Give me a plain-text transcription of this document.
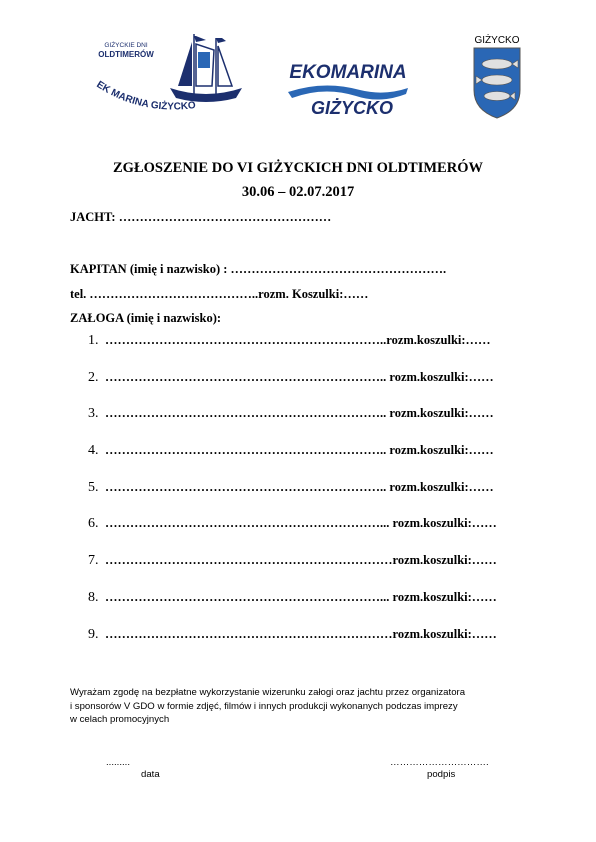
GIŻYCKIE DNI
OLDTIMERÓW
EK MARINA GIŻYCKO
EKOMARINA
GIŻYCKO
GIŻYCKO
ZGŁOSZENIE DO VI GIŻYCKICH DNI OLDTIMERÓW
30.06 – 02.07.2017
JACHT: ……………………………………………
KAPITAN (imię i nazwisko) : …………………………………………….
tel. …………………………………..rozm. Koszulki:……
ZAŁOGA (imię i nazwisko):
1. …………………………………………………………..rozm.koszulki:……
2. ………………………………………………………….. rozm.koszulki:……
3. ………………………………………………………….. rozm.koszulki:……
4. ………………………………………………………….. rozm.koszulki:……
5. ………………………………………………………….. rozm.koszulki:……
6. …………………………………………………………... rozm.koszulki:……
7. ……………………………………………………………rozm.koszulki:……
8. …………………………………………………………... rozm.koszulki:……
9. ……………………………………………………………rozm.koszulki:……
Wyrażam zgodę na bezpłatne wykorzystanie wizerunku załogi oraz jachtu przez organizatora
i sponsorów V GDO w formie zdjęć, filmów i innych produkcji wykonanych podczas imprezy
w celach promocyjnych
.........
data
………………………….
podpis
